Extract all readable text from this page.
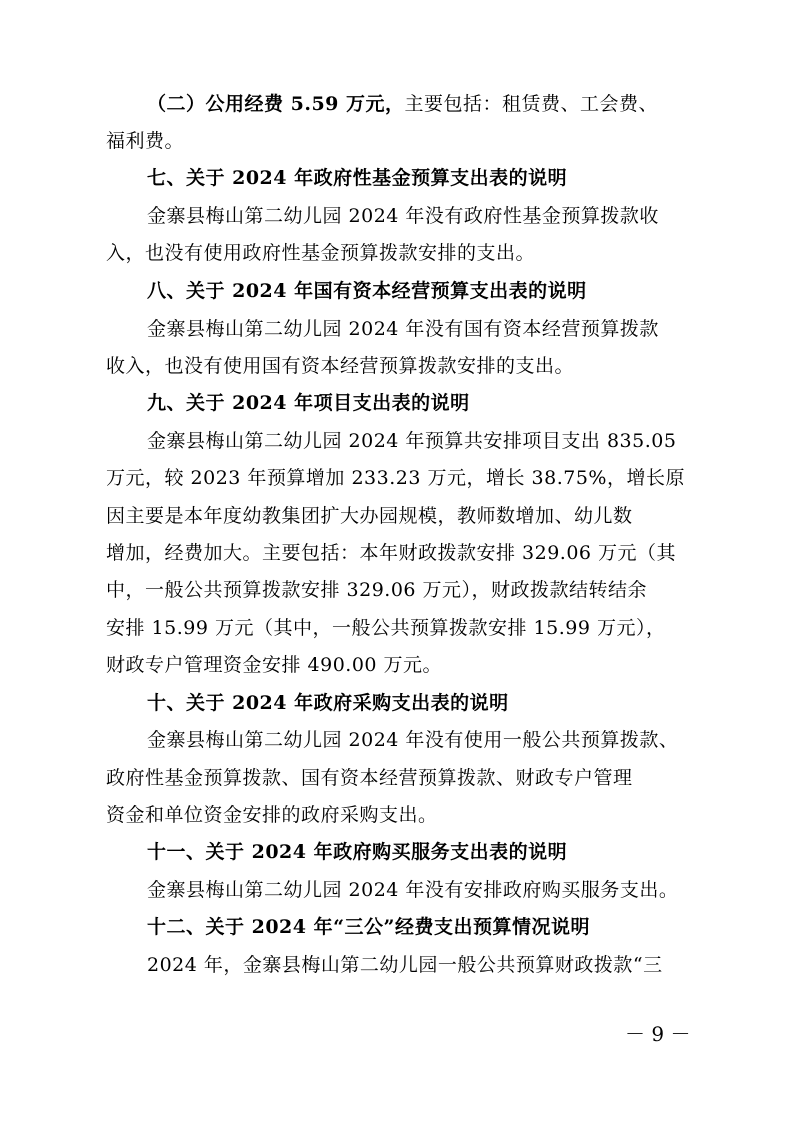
（二）公用经费 5.59 万元，主要包括：租赁费、工会费、
福利费。
七、关于 2024 年政府性基金预算支出表的说明
金寨县梅山第二幼儿园 2024 年没有政府性基金预算拨款收
入，也没有使用政府性基金预算拨款安排的支出。
八、关于 2024 年国有资本经营预算支出表的说明
金寨县梅山第二幼儿园 2024 年没有国有资本经营预算拨款
收入，也没有使用国有资本经营预算拨款安排的支出。
九、关于 2024 年项目支出表的说明
金寨县梅山第二幼儿园 2024 年预算共安排项目支出 835.05
万元，较 2023 年预算增加 233.23 万元，增长 38.75%，增长原
因主要是本年度幼教集团扩大办园规模，教师数增加、幼儿数
增加，经费加大。主要包括：本年财政拨款安排 329.06 万元（其
中，一般公共预算拨款安排 329.06 万元），财政拨款结转结余
安排 15.99 万元（其中，一般公共预算拨款安排 15.99 万元），
财政专户管理资金安排 490.00 万元。
十、关于 2024 年政府采购支出表的说明
金寨县梅山第二幼儿园 2024 年没有使用一般公共预算拨款、
政府性基金预算拨款、国有资本经营预算拨款、财政专户管理
资金和单位资金安排的政府采购支出。
十一、关于 2024 年政府购买服务支出表的说明
金寨县梅山第二幼儿园 2024 年没有安排政府购买服务支出。
十二、关于 2024 年“三公”经费支出预算情况说明
2024 年，金寨县梅山第二幼儿园一般公共预算财政拨款“三
－ 9 －
